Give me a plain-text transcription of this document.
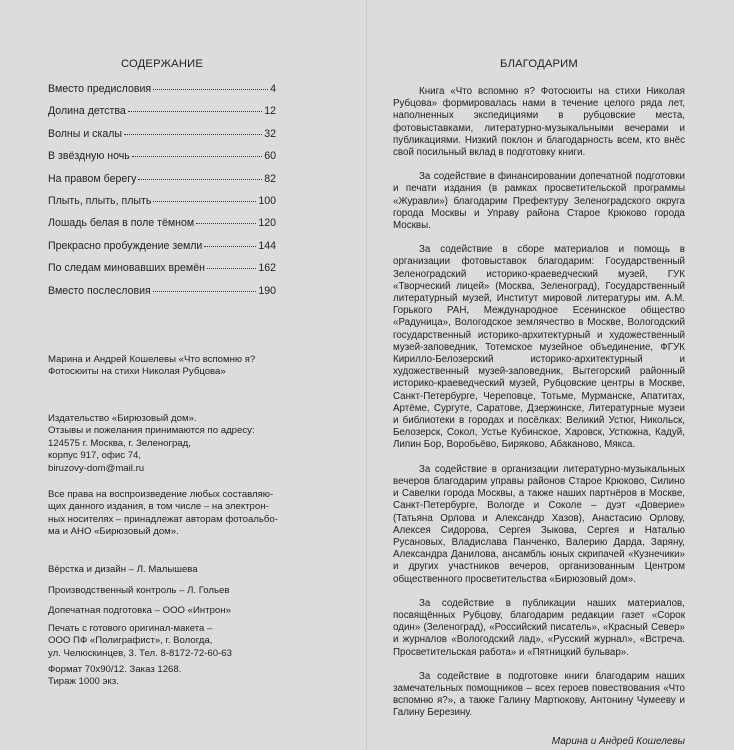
СОДЕРЖАНИЕ
Вместо предисловия	4
Долина детства	12
Волны и скалы	32
В звёздную ночь	60
На правом берегу	82
Плыть, плыть, плыть	100
Лошадь белая в поле тёмном	120
Прекрасно пробуждение земли	144
По следам миновавших времён	162
Вместо послесловия	190

Марина и Андрей Кошелевы «Что вспомню я?

Фотосюиты на стихи Николая Рубцова»

Издательство «Бирюзовый дом».

Отзывы и пожелания принимаются по адресу:

124575 г. Москва, г. Зеленоград,

корпус 917, офис 74,

biruzovy-dom@mail.ru

Все права на воспроизведение любых составляю-

щих данного издания, в том числе – на электрон-

ных носителях – принадлежат авторам фотоальбо-

ма и АНО «Бирюзовый дом».

Вёрстка и дизайн – Л. Малышева

Производственный контроль – Л. Гольев

Допечатная подготовка – ООО «Интрон»

Печать с готового оригинал-макета –

ООО ПФ «Полиграфист», г. Вологда,

ул. Челюскинцев, 3. Тел. 8-8172-72-60-63

Формат 70х90/12. Заказ 1268.

Тираж 1000 экз.

БЛАГОДАРИМ

Книга «Что вспомню я? Фотосюиты на стихи Николая Рубцова» формировалась нами в течение целого ряда лет, наполненных экспедициями в рубцовские места, фотовыставками, литературно-музыкальными вечерами и публикациями. Низкий поклон и благодарность всем, кто внёс свой посильный вклад в подготовку книги.

За содействие в финансировании допечатной подготовки и печати издания (в рамках просветительской программы «Журавли») благодарим Префектуру Зеленоградского округа города Москвы и Управу района Старое Крюково города Москвы.

За содействие в сборе материалов и помощь в организации фотовыставок благодарим: Государственный Зеленоградский историко-краеведческий музей, ГУК «Творческий лицей» (Москва, Зеленоград), Государственный литературный музей, Институт мировой литературы им. А.М. Горького РАН, Международное Есенинское общество «Радуница», Вологодское землячество в Москве, Вологодский государственный историко-архитектурный и художественный музей-заповедник, Тотемское музейное объединение, ФГУК Кирилло-Белозерский историко-архитектурный и художественный музей-заповедник, Вытегорский районный историко-краеведческий музей, Рубцовские центры в Москве, Санкт-Петербурге, Череповце, Тотьме, Мурманске, Апатитах, Артёме, Сургуте, Саратове, Дзержинске, Литературные музеи и библиотеки в городах и посёлках: Великий Устюг, Никольск, Белозерск, Сокол, Устье Кубинское, Харовск, Устюжна, Кадуй, Липин Бор, Воробьёво, Биряково, Абаканово, Мякса.

За содействие в организации литературно-музыкальных вечеров благодарим управы районов Старое Крюково, Силино и Савелки города Москвы, а также наших партнёров в Москве, Санкт-Петербурге, Вологде и Соколе – дуэт «Доверие» (Татьяна Орлова и Александр Хазов), Анастасию Орлову, Алексея Сидорова, Сергея Зыкова, Сергея и Наталью Русановых, Владислава Панченко, Валерию Дарда, Заряну, Александра Данилова, ансамбль юных скрипачей «Кузнечики» и других участников вечеров, организованным Центром общественного просветительства «Бирюзовый дом».

За содействие в публикации наших материалов, посвящённых Рубцову, благодарим редакции газет «Сорок один» (Зеленоград), «Российский писатель», «Красный Север» и журналов «Вологодский лад», «Русский журнал», «Встреча. Просветительская работа» и «Пятницкий бульвар».

За содействие в подготовке книги благодарим наших замечательных помощников – всех героев повествования «Что вспомню я?», а также Галину Мартюкову, Антонину Чумееву и Галину Березину.

Марина и Андрей Кошелевы
